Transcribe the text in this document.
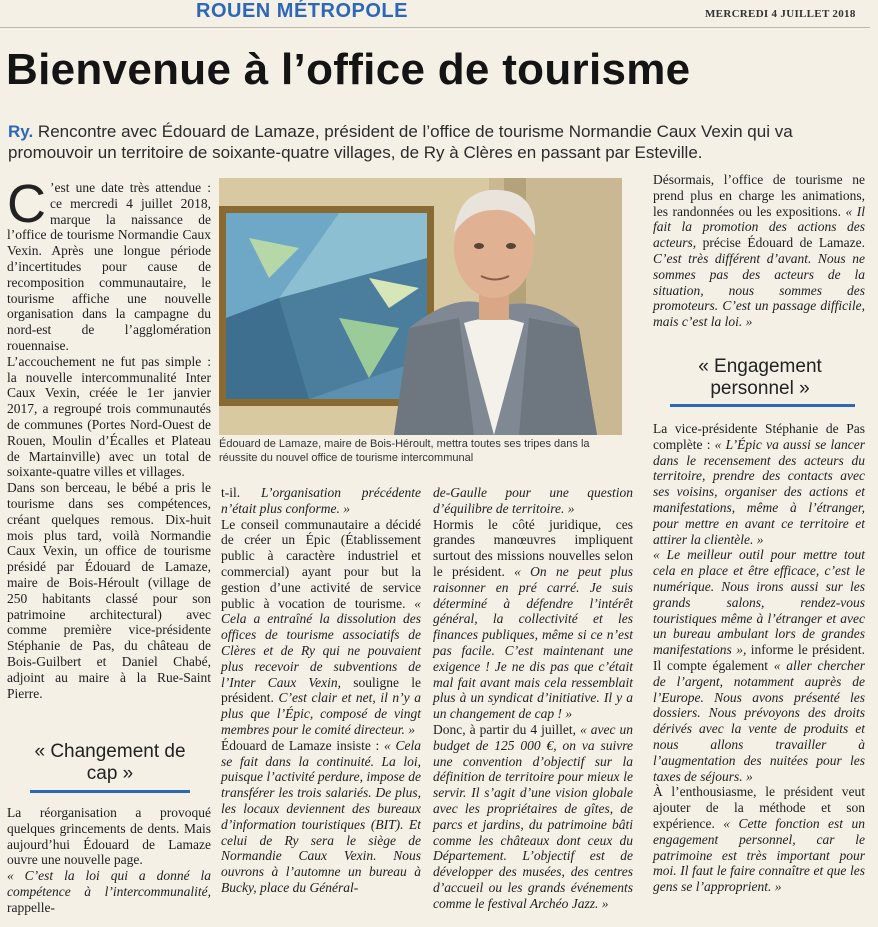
ROUEN MÉTROPOLE	MERCREDI 4 JUILLET 2018
Bienvenue à l’office de tourisme
Ry. Rencontre avec Édouard de Lamaze, président de l’office de tourisme Normandie Caux Vexin qui va promouvoir un territoire de soixante-quatre villages, de Ry à Clères en passant par Esteville.

C ’est une date très attendue : ce mercredi 4 juillet 2018, marque la naissance de l’office de tourisme Normandie Caux Vexin. Après une longue période d’incertitudes pour cause de recomposition communautaire, le tourisme affiche une nouvelle organisation dans la campagne du nord-est de l’agglomération rouennaise.

L’accouchement ne fut pas simple : la nouvelle intercommunalité Inter Caux Vexin, créée le 1er janvier 2017, a regroupé trois communautés de communes (Portes Nord-Ouest de Rouen, Moulin d’Écalles et Plateau de Martainville) avec un total de soixante-quatre villes et villages.

Dans son berceau, le bébé a pris le tourisme dans ses compétences, créant quelques remous. Dix-huit mois plus tard, voilà Normandie Caux Vexin, un office de tourisme présidé par Édouard de Lamaze, maire de Bois-Héroult (village de 250 habitants classé pour son patrimoine architectural) avec comme première vice-présidente Stéphanie de Pas, du château de Bois-Guilbert et Daniel Chabé, adjoint au maire à la Rue-Saint Pierre.

« Changement de cap »

La réorganisation a provoqué quelques grincements de dents. Mais aujourd’hui Édouard de Lamaze ouvre une nouvelle page.

« C’est la loi qui a donné la compétence à l’intercommunalité, rappelle-

Édouard de Lamaze, maire de Bois-Héroult, mettra toutes ses tripes dans la réussite du nouvel office de tourisme intercommunal

t-il. L’organisation précédente n’était plus conforme. »

Le conseil communautaire a décidé de créer un Épic (Établissement public à caractère industriel et commercial) ayant pour but la gestion d’une activité de service public à vocation de tourisme. « Cela a entraîné la dissolution des offices de tourisme associatifs de Clères et de Ry qui ne pouvaient plus recevoir de subventions de l’Inter Caux Vexin, souligne le président. C’est clair et net, il n’y a plus que l’Épic, composé de vingt membres pour le comité directeur. »

Édouard de Lamaze insiste : « Cela se fait dans la continuité. La loi, puisque l’activité perdure, impose de transférer les trois salariés. De plus, les locaux deviennent des bureaux d’information touristiques (BIT). Et celui de Ry sera le siège de Normandie Caux Vexin. Nous ouvrons à l’automne un bureau à Bucky, place du Général-

de-Gaulle pour une question d’équilibre de territoire. »

Hormis le côté juridique, ces grandes manœuvres impliquent surtout des missions nouvelles selon le président. « On ne peut plus raisonner en pré carré. Je suis déterminé à défendre l’intérêt général, la collectivité et les finances publiques, même si ce n’est pas facile. C’est maintenant une exigence ! Je ne dis pas que c’était mal fait avant mais cela ressemblait plus à un syndicat d’initiative. Il y a un changement de cap ! »

Donc, à partir du 4 juillet, « avec un budget de 125 000 €, on va suivre une convention d’objectif sur la définition de territoire pour mieux le servir. Il s’agit d’une vision globale avec les propriétaires de gîtes, de parcs et jardins, du patrimoine bâti comme les châteaux dont ceux du Département. L’objectif est de développer des musées, des centres d’accueil ou les grands événements comme le festival Archéo Jazz. »

Désormais, l’office de tourisme ne prend plus en charge les animations, les randonnées ou les expositions. « Il fait la promotion des actions des acteurs, précise Édouard de Lamaze. C’est très différent d’avant. Nous ne sommes pas des acteurs de la situation, nous sommes des promoteurs. C’est un passage difficile, mais c’est la loi. »

« Engagement personnel »

La vice-présidente Stéphanie de Pas complète : « L’Épic va aussi se lancer dans le recensement des acteurs du territoire, prendre des contacts avec ses voisins, organiser des actions et manifestations, même à l’étranger, pour mettre en avant ce territoire et attirer la clientèle. »

« Le meilleur outil pour mettre tout cela en place et être efficace, c’est le numérique. Nous irons aussi sur les grands salons, rendez-vous touristiques même à l’étranger et avec un bureau ambulant lors de grandes manifestations », informe le président. Il compte également « aller chercher de l’argent, notamment auprès de l’Europe. Nous avons présenté les dossiers. Nous prévoyons des droits dérivés avec la vente de produits et nous allons travailler à l’augmentation des nuitées pour les taxes de séjours. »

À l’enthousiasme, le président veut ajouter de la méthode et son expérience. « Cette fonction est un engagement personnel, car le patrimoine est très important pour moi. Il faut le faire connaître et que les gens se l’approprient. »
